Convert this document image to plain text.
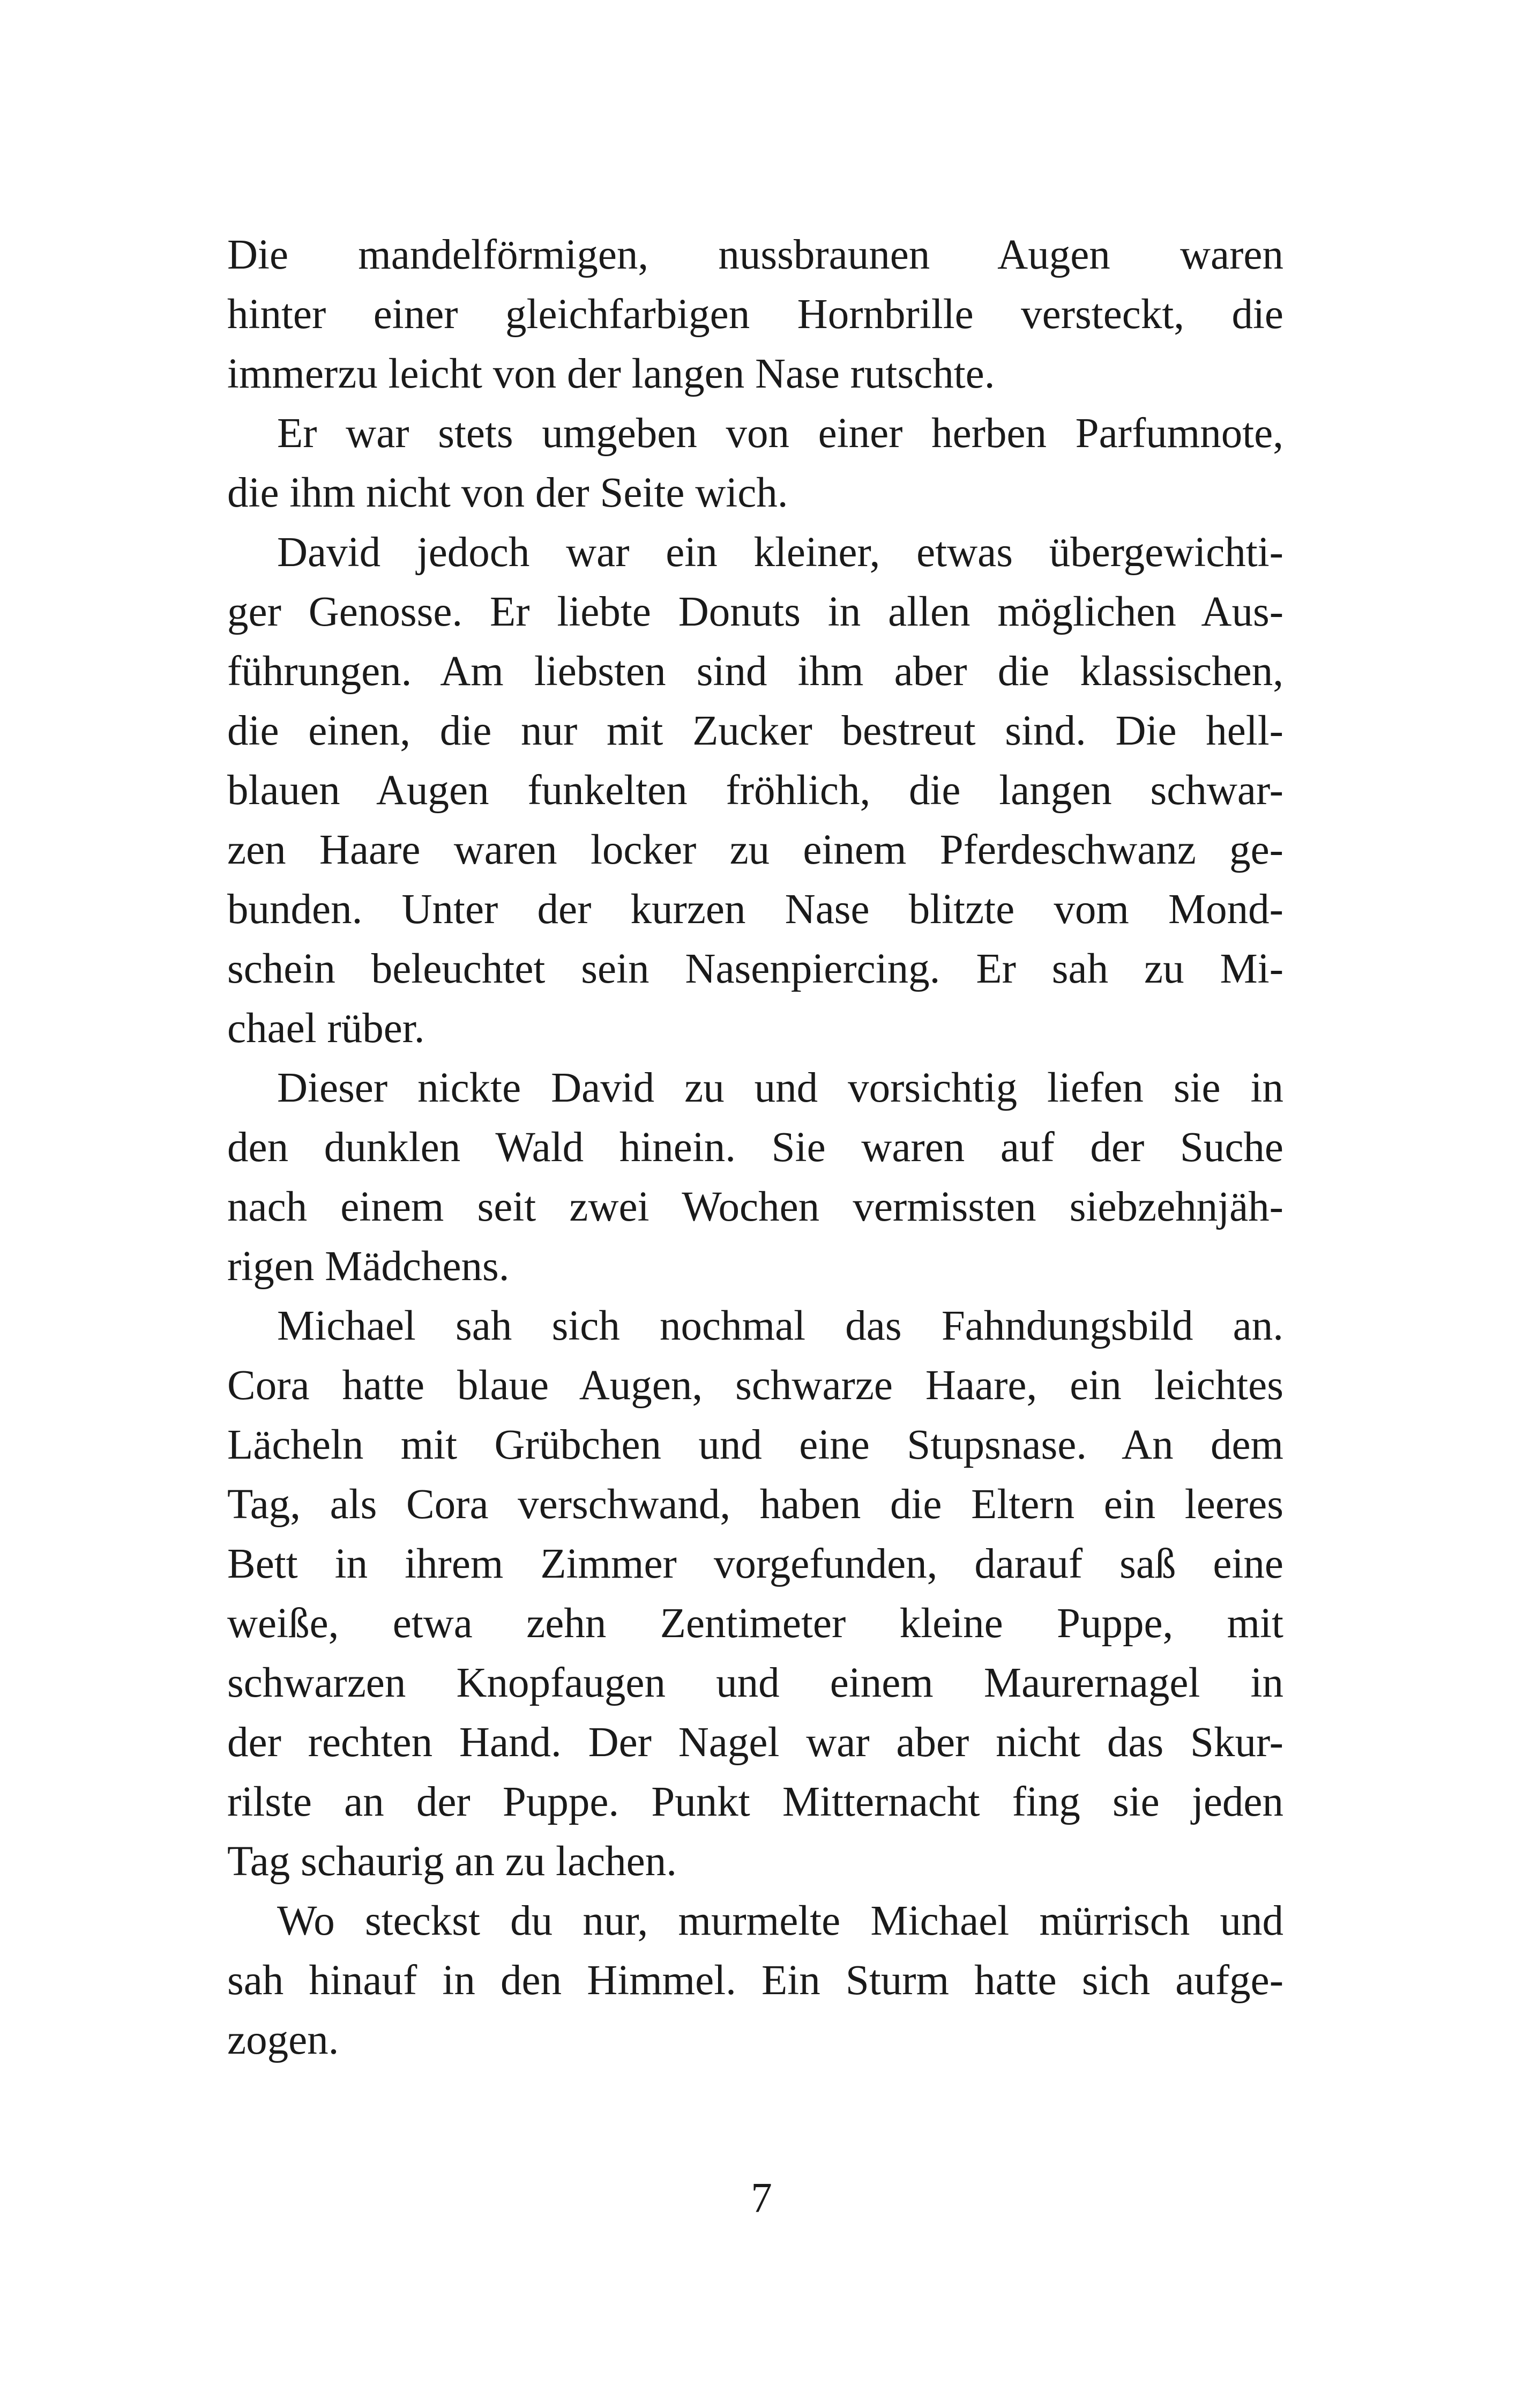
Die mandelförmigen, nussbraunen Augen waren
hinter einer gleichfarbigen Hornbrille versteckt, die
immerzu leicht von der langen Nase rutschte.
Er war stets umgeben von einer herben Parfumnote,
die ihm nicht von der Seite wich.
David jedoch war ein kleiner, etwas übergewichti-
ger Genosse. Er liebte Donuts in allen möglichen Aus-
führungen. Am liebsten sind ihm aber die klassischen,
die einen, die nur mit Zucker bestreut sind. Die hell-
blauen Augen funkelten fröhlich, die langen schwar-
zen Haare waren locker zu einem Pferdeschwanz ge-
bunden. Unter der kurzen Nase blitzte vom Mond-
schein beleuchtet sein Nasenpiercing. Er sah zu Mi-
chael rüber.
Dieser nickte David zu und vorsichtig liefen sie in
den dunklen Wald hinein. Sie waren auf der Suche
nach einem seit zwei Wochen vermissten siebzehnjäh-
rigen Mädchens.
Michael sah sich nochmal das Fahndungsbild an.
Cora hatte blaue Augen, schwarze Haare, ein leichtes
Lächeln mit Grübchen und eine Stupsnase. An dem
Tag, als Cora verschwand, haben die Eltern ein leeres
Bett in ihrem Zimmer vorgefunden, darauf saß eine
weiße, etwa zehn Zentimeter kleine Puppe, mit
schwarzen Knopfaugen und einem Maurernagel in
der rechten Hand. Der Nagel war aber nicht das Skur-
rilste an der Puppe. Punkt Mitternacht fing sie jeden
Tag schaurig an zu lachen.
Wo steckst du nur, murmelte Michael mürrisch und
sah hinauf in den Himmel. Ein Sturm hatte sich aufge-
zogen.
7
